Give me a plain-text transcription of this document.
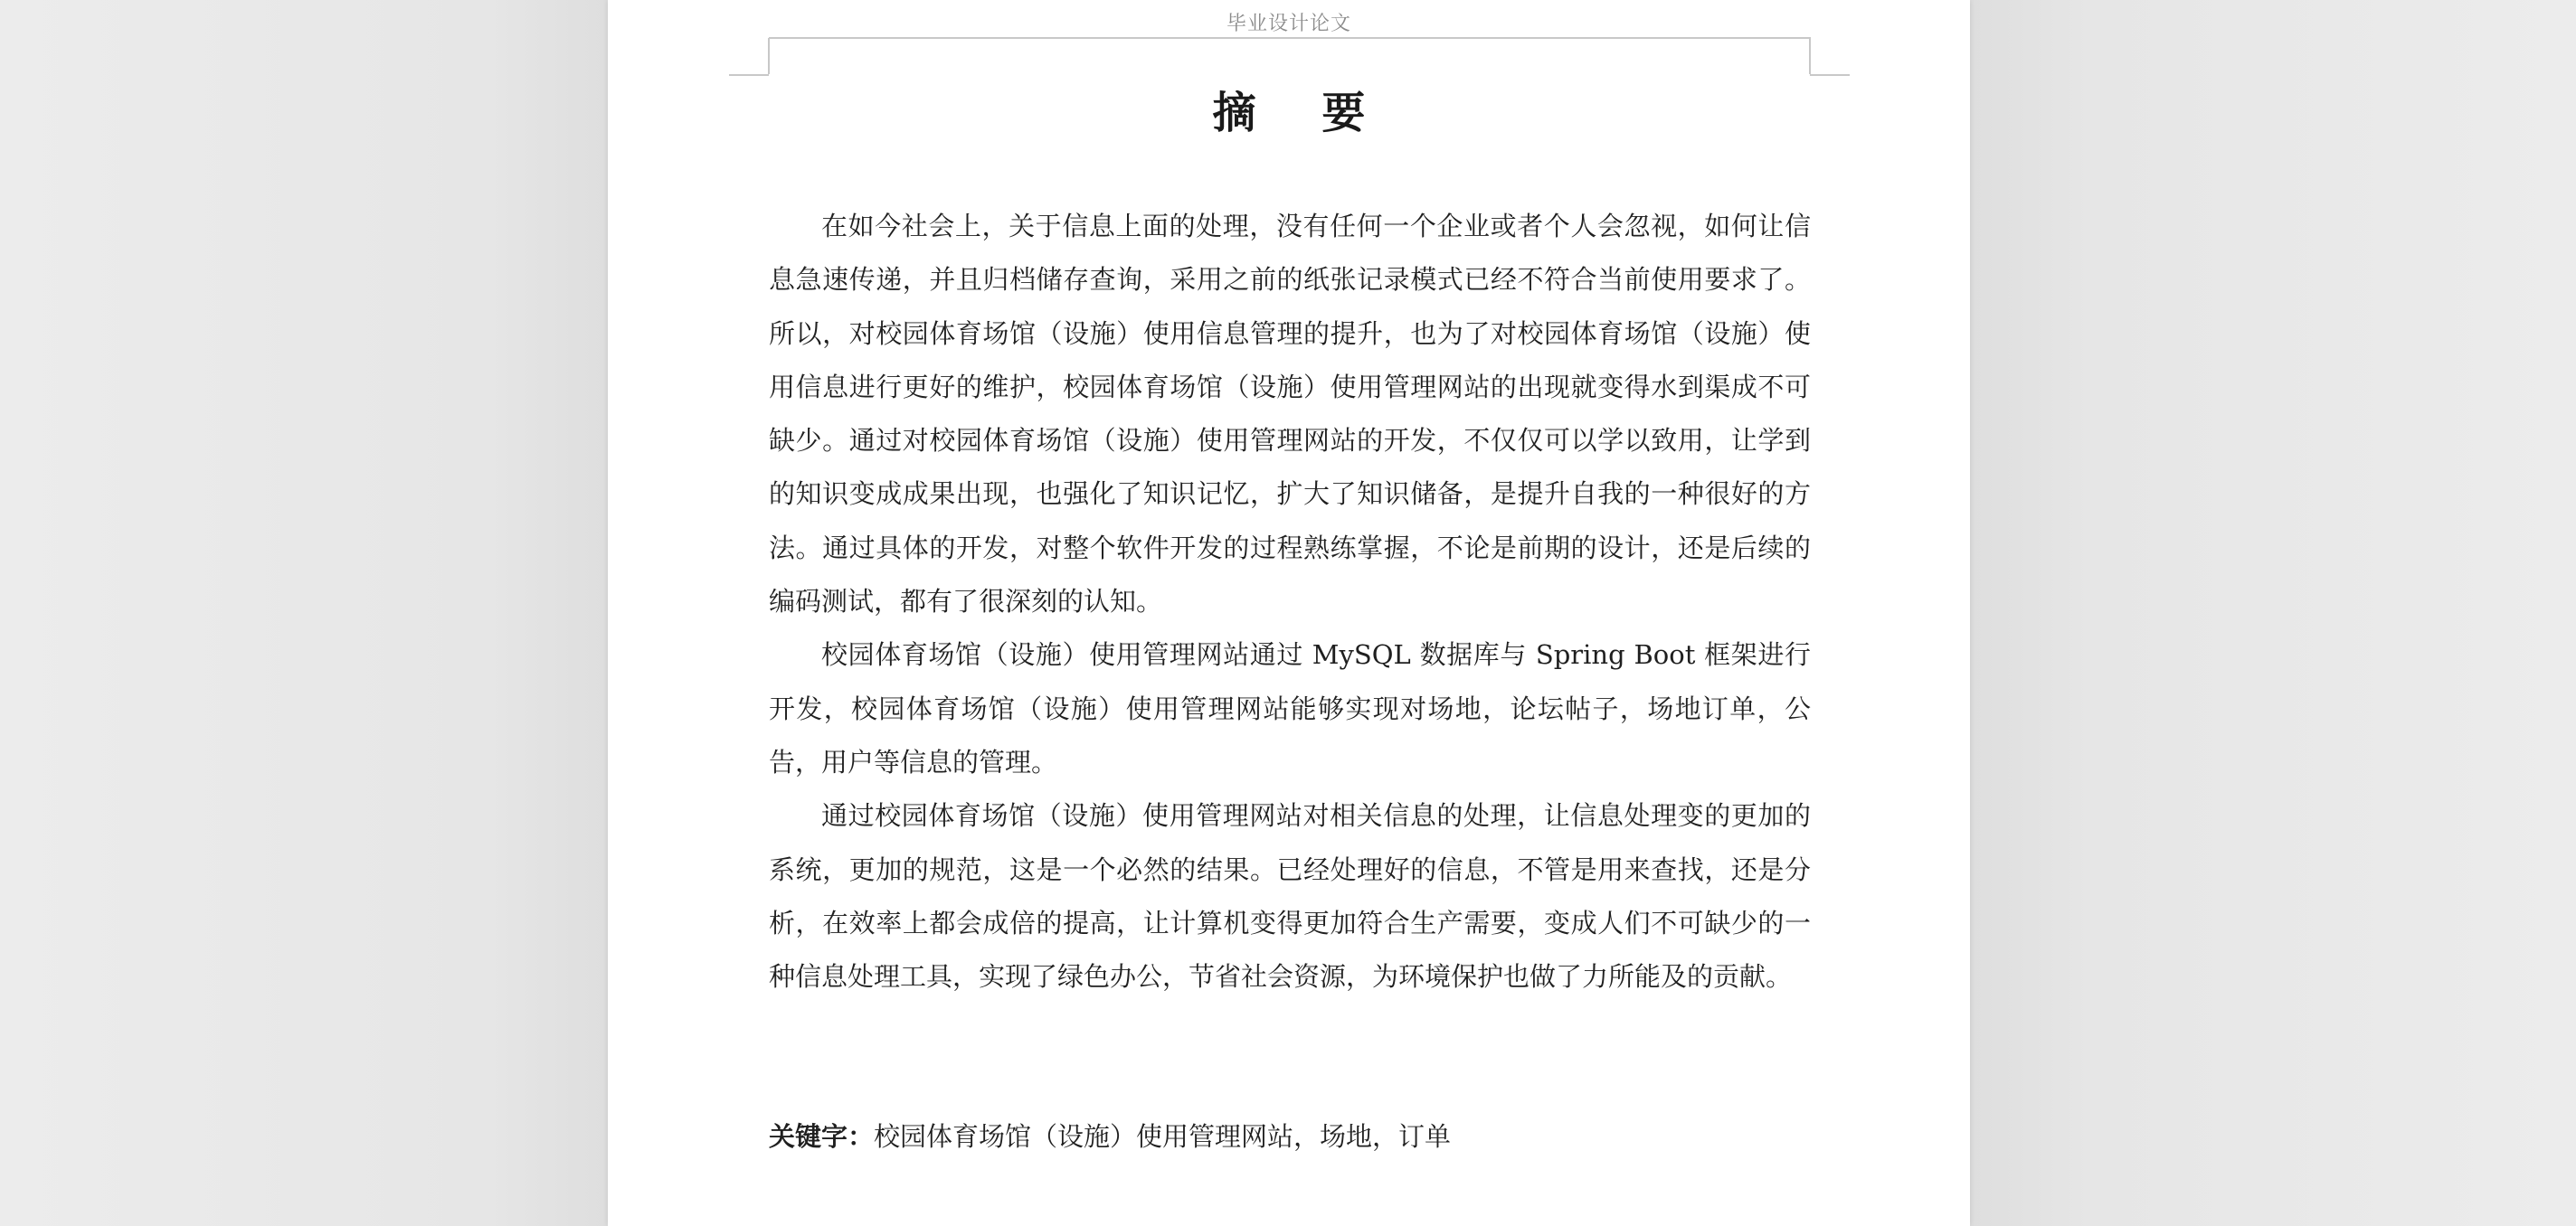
毕业设计论文
摘 要

在如今社会上，关于信息上面的处理，没有任何一个企业或者个人会忽视，如何让信息急速传递，并且归档储存查询，采用之前的纸张记录模式已经不符合当前使用要求了。所以，对校园体育场馆（设施）使用信息管理的提升，也为了对校园体育场馆（设施）使用信息进行更好的维护，校园体育场馆（设施）使用管理网站的出现就变得水到渠成不可缺少。通过对校园体育场馆（设施）使用管理网站的开发，不仅仅可以学以致用，让学到的知识变成成果出现，也强化了知识记忆，扩大了知识储备，是提升自我的一种很好的方法。通过具体的开发，对整个软件开发的过程熟练掌握，不论是前期的设计，还是后续的编码测试，都有了很深刻的认知。

校园体育场馆（设施）使用管理网站通过 MySQL 数据库与 Spring Boot 框架进行开发，校园体育场馆（设施）使用管理网站能够实现对场地，论坛帖子，场地订单，公告，用户等信息的管理。

通过校园体育场馆（设施）使用管理网站对相关信息的处理，让信息处理变的更加的系统，更加的规范，这是一个必然的结果。已经处理好的信息，不管是用来查找，还是分析，在效率上都会成倍的提高，让计算机变得更加符合生产需要，变成人们不可缺少的一种信息处理工具，实现了绿色办公，节省社会资源，为环境保护也做了力所能及的贡献。

关键字：校园体育场馆（设施）使用管理网站，场地，订单
